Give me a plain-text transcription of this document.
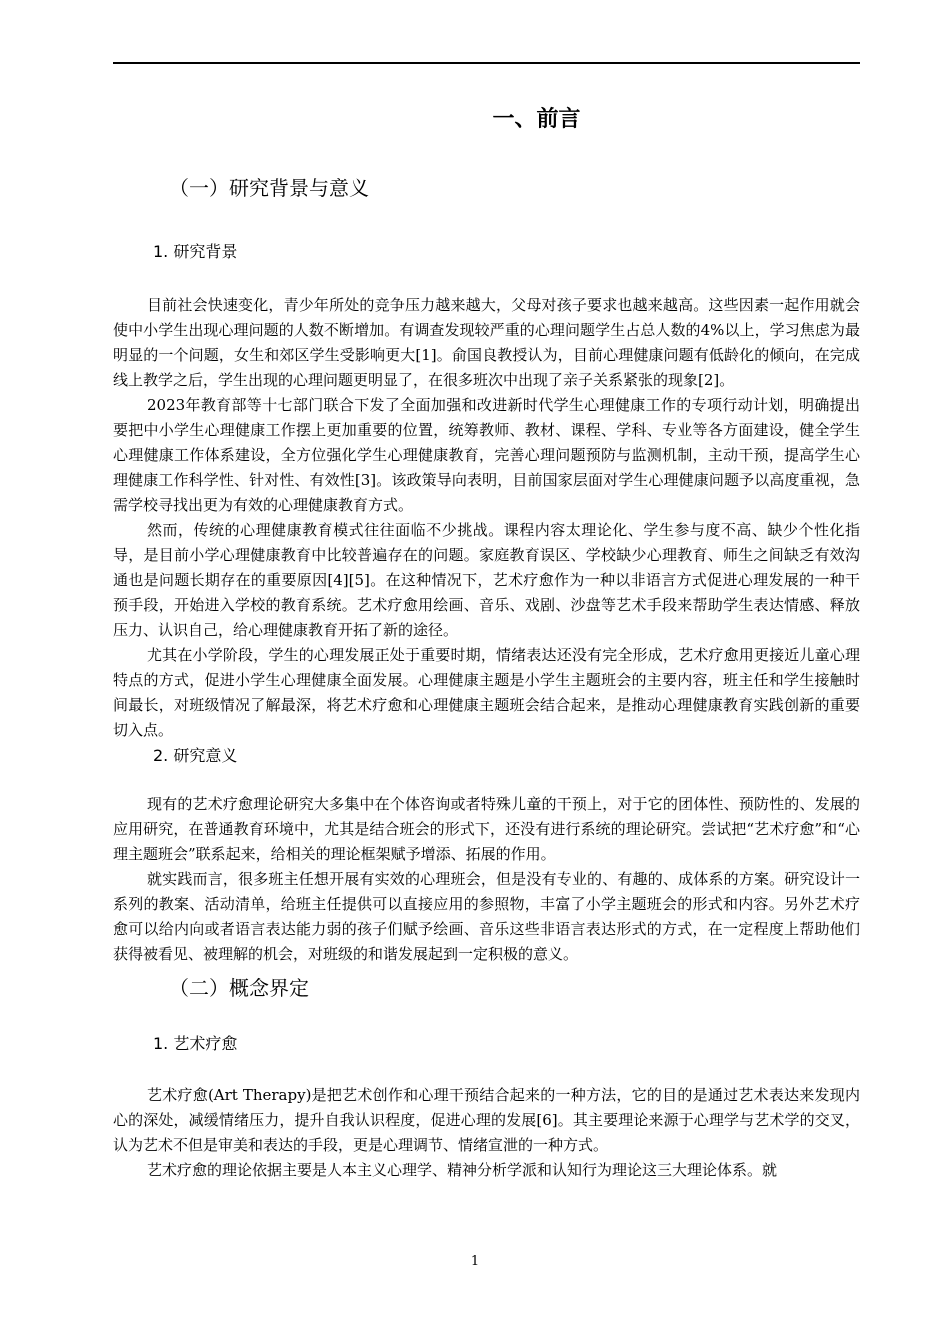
一、前言
（一）研究背景与意义
1. 研究背景

目前社会快速变化，青少年所处的竞争压力越来越大，父母对孩子要求也越来越高。这些因素一起作用就会使中小学生出现心理问题的人数不断增加。有调查发现较严重的心理问题学生占总人数的4%以上，学习焦虑为最明显的一个问题，女生和郊区学生受影响更大[1]。俞国良教授认为，目前心理健康问题有低龄化的倾向，在完成线上教学之后，学生出现的心理问题更明显了，在很多班次中出现了亲子关系紧张的现象[2]。

2023年教育部等十七部门联合下发了全面加强和改进新时代学生心理健康工作的专项行动计划，明确提出要把中小学生心理健康工作摆上更加重要的位置，统筹教师、教材、课程、学科、专业等各方面建设，健全学生心理健康工作体系建设，全方位强化学生心理健康教育，完善心理问题预防与监测机制，主动干预，提高学生心理健康工作科学性、针对性、有效性[3]。该政策导向表明，目前国家层面对学生心理健康问题予以高度重视，急需学校寻找出更为有效的心理健康教育方式。

然而，传统的心理健康教育模式往往面临不少挑战。课程内容太理论化、学生参与度不高、缺少个性化指导，是目前小学心理健康教育中比较普遍存在的问题。家庭教育误区、学校缺少心理教育、师生之间缺乏有效沟通也是问题长期存在的重要原因[4][5]。在这种情况下，艺术疗愈作为一种以非语言方式促进心理发展的一种干预手段，开始进入学校的教育系统。艺术疗愈用绘画、音乐、戏剧、沙盘等艺术手段来帮助学生表达情感、释放压力、认识自己，给心理健康教育开拓了新的途径。

尤其在小学阶段，学生的心理发展正处于重要时期，情绪表达还没有完全形成，艺术疗愈用更接近儿童心理特点的方式，促进小学生心理健康全面发展。心理健康主题是小学生主题班会的主要内容，班主任和学生接触时间最长，对班级情况了解最深，将艺术疗愈和心理健康主题班会结合起来，是推动心理健康教育实践创新的重要切入点。

2. 研究意义

现有的艺术疗愈理论研究大多集中在个体咨询或者特殊儿童的干预上，对于它的团体性、预防性的、发展的应用研究，在普通教育环境中，尤其是结合班会的形式下，还没有进行系统的理论研究。尝试把“艺术疗愈”和“心理主题班会”联系起来，给相关的理论框架赋予增添、拓展的作用。

就实践而言，很多班主任想开展有实效的心理班会，但是没有专业的、有趣的、成体系的方案。研究设计一系列的教案、活动清单，给班主任提供可以直接应用的参照物，丰富了小学主题班会的形式和内容。另外艺术疗愈可以给内向或者语言表达能力弱的孩子们赋予绘画、音乐这些非语言表达形式的方式，在一定程度上帮助他们获得被看见、被理解的机会，对班级的和谐发展起到一定积极的意义。

（二）概念界定
1. 艺术疗愈

艺术疗愈(Art Therapy)是把艺术创作和心理干预结合起来的一种方法，它的目的是通过艺术表达来发现内心的深处，减缓情绪压力，提升自我认识程度，促进心理的发展[6]。其主要理论来源于心理学与艺术学的交叉，认为艺术不但是审美和表达的手段，更是心理调节、情绪宣泄的一种方式。

艺术疗愈的理论依据主要是人本主义心理学、精神分析学派和认知行为理论这三大理论体系。就

1
